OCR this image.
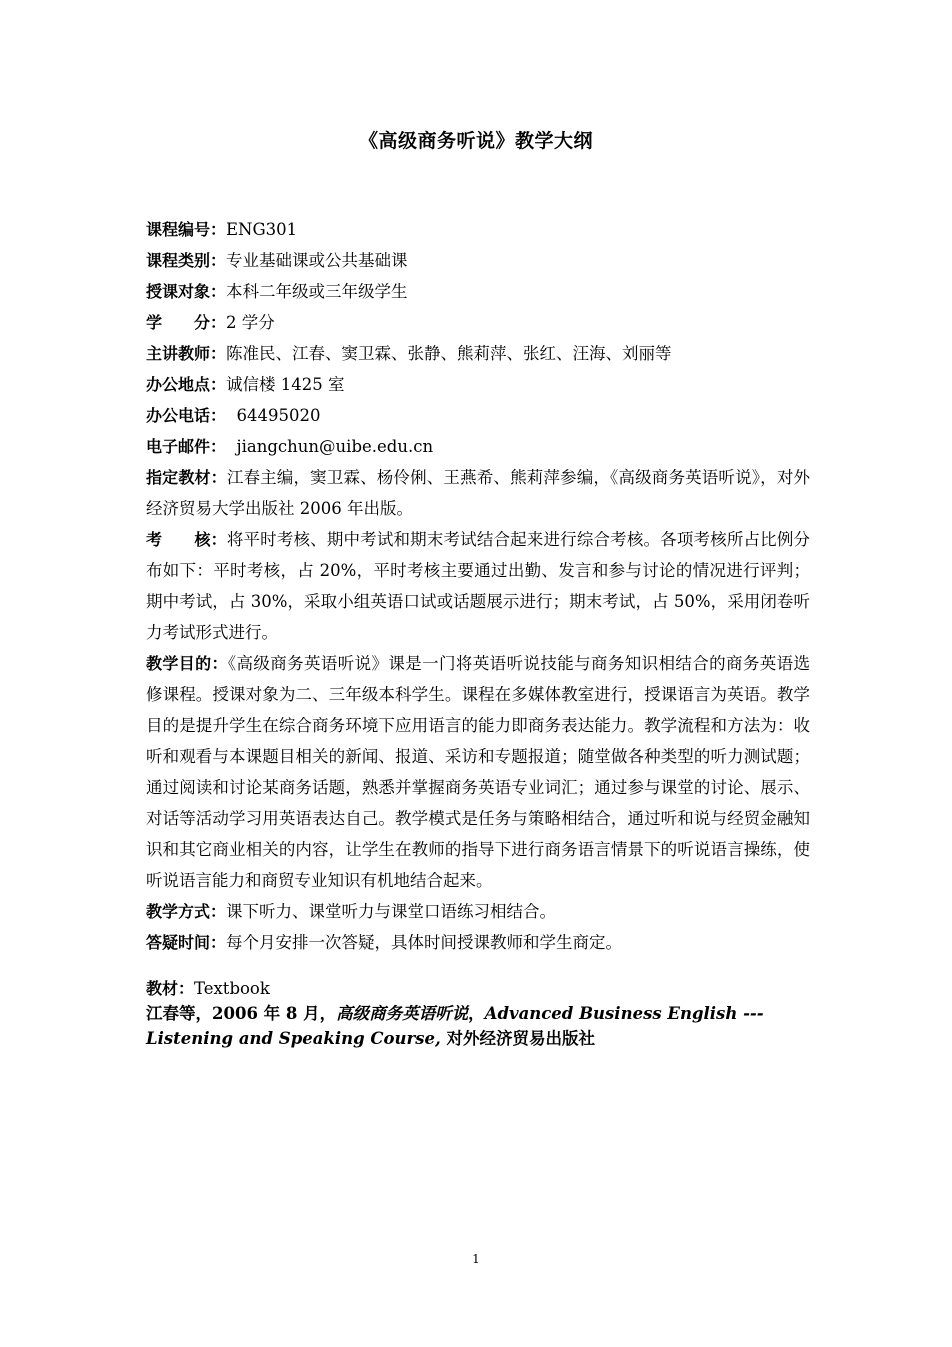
《高级商务听说》教学大纲
课程编号：ENG301
课程类别：专业基础课或公共基础课
授课对象：本科二年级或三年级学生
学　　分：2 学分
主讲教师：陈准民、江春、窦卫霖、张静、熊莉萍、张红、汪海、刘丽等
办公地点：诚信楼 1425 室
办公电话：  64495020
电子邮件：  jiangchun@uibe.edu.cn
指定教材：江春主编，窦卫霖、杨伶俐、王燕希、熊莉萍参编，《高级商务英语听说》，对外经济贸易大学出版社 2006 年出版。
考　　核：将平时考核、期中考试和期末考试结合起来进行综合考核。各项考核所占比例分布如下：平时考核，占 20%，平时考核主要通过出勤、发言和参与讨论的情况进行评判；期中考试，占 30%，采取小组英语口试或话题展示进行；期末考试，占 50%，采用闭卷听力考试形式进行。
教学目的：《高级商务英语听说》课是一门将英语听说技能与商务知识相结合的商务英语选修课程。授课对象为二、三年级本科学生。课程在多媒体教室进行，授课语言为英语。教学目的是提升学生在综合商务环境下应用语言的能力即商务表达能力。教学流程和方法为：收听和观看与本课题目相关的新闻、报道、采访和专题报道；随堂做各种类型的听力测试题；通过阅读和讨论某商务话题，熟悉并掌握商务英语专业词汇；通过参与课堂的讨论、展示、对话等活动学习用英语表达自己。教学模式是任务与策略相结合，通过听和说与经贸金融知识和其它商业相关的内容，让学生在教师的指导下进行商务语言情景下的听说语言操练，使听说语言能力和商贸专业知识有机地结合起来。
教学方式：课下听力、课堂听力与课堂口语练习相结合。
答疑时间：每个月安排一次答疑，具体时间授课教师和学生商定。
教材：Textbook
江春等，2006 年 8 月，高级商务英语听说，Advanced Business English --- Listening and Speaking Course, 对外经济贸易出版社
1
